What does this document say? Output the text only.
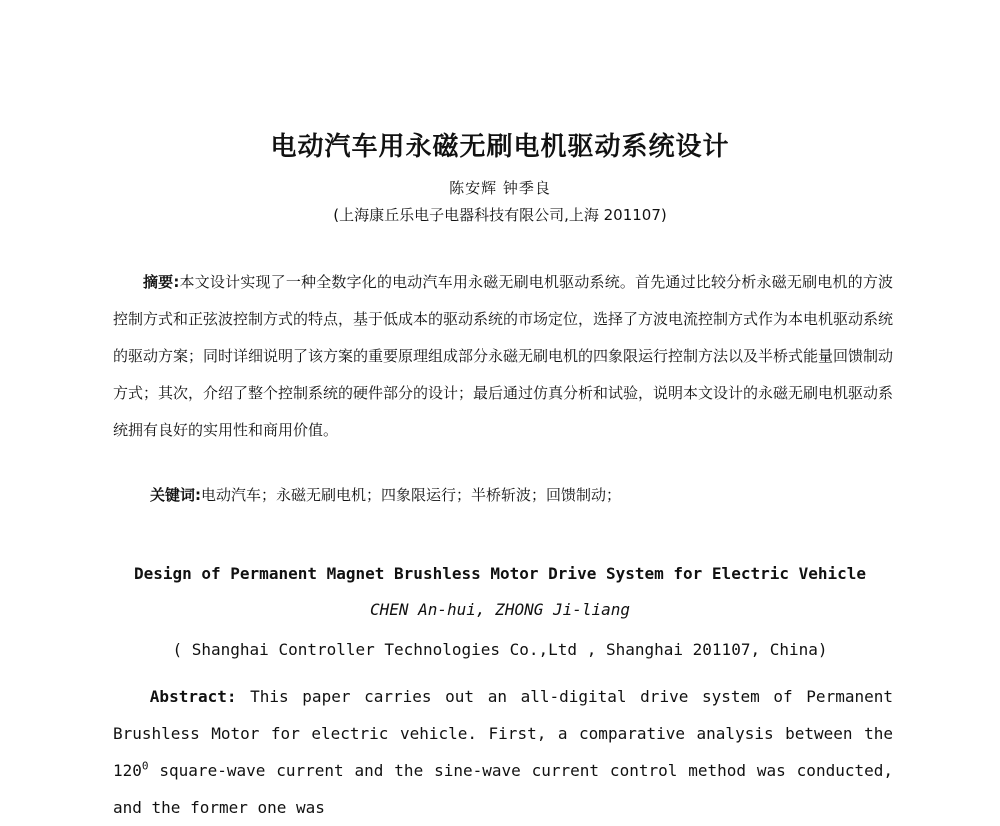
电动汽车用永磁无刷电机驱动系统设计
陈安辉 钟季良
(上海康丘乐电子电器科技有限公司,上海 201107)

摘要:本文设计实现了一种全数字化的电动汽车用永磁无刷电机驱动系统。首先通过比较分析永磁无刷电机的方波控制方式和正弦波控制方式的特点，基于低成本的驱动系统的市场定位，选择了方波电流控制方式作为本电机驱动系统的驱动方案；同时详细说明了该方案的重要原理组成部分永磁无刷电机的四象限运行控制方法以及半桥式能量回馈制动方式；其次，介绍了整个控制系统的硬件部分的设计；最后通过仿真分析和试验，说明本文设计的永磁无刷电机驱动系统拥有良好的实用性和商用价值。

关键词:电动汽车；永磁无刷电机；四象限运行；半桥斩波；回馈制动；
Design of Permanent Magnet Brushless Motor Drive System for Electric Vehicle
CHEN An-hui, ZHONG Ji-liang
( Shanghai Controller Technologies Co.,Ltd , Shanghai 201107, China)

Abstract: This paper carries out an all-digital drive system of Permanent Brushless Motor for electric vehicle. First, a comparative analysis between the $120^0$ square-wave current and the sine-wave current control method was conducted, and the former one was
